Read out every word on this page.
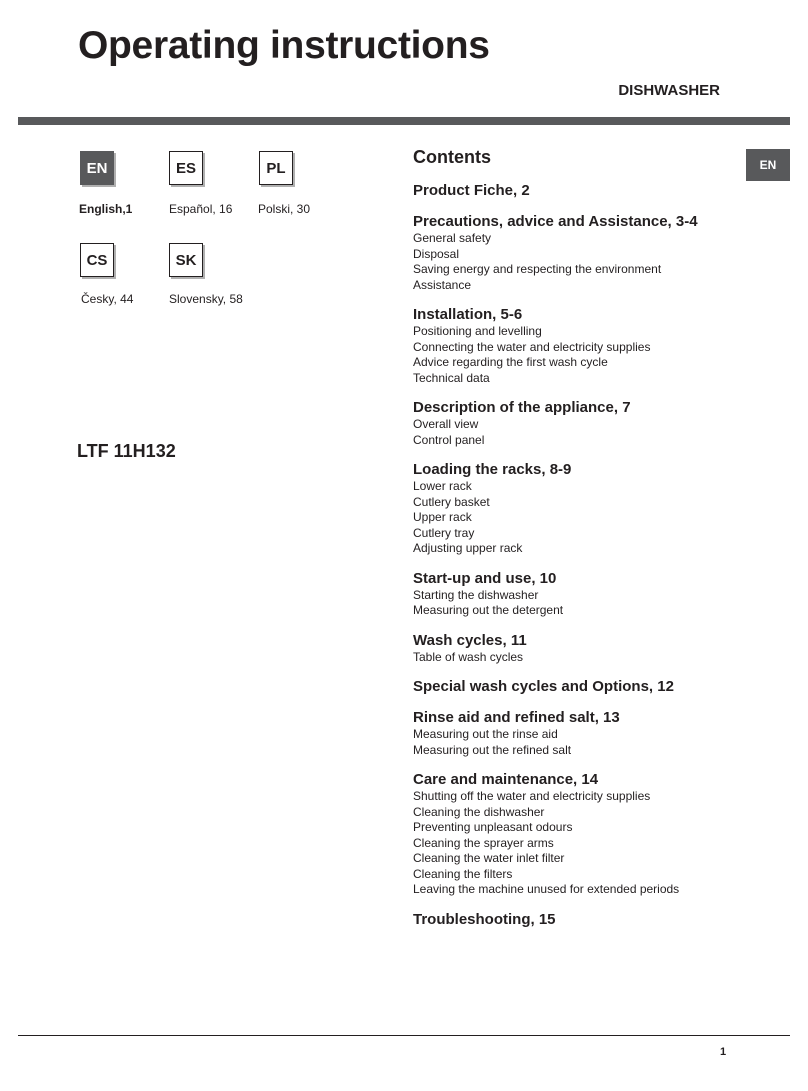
Operating instructions
DISHWASHER
EN
English,1
ES
Español, 16
PL
Polski, 30
CS
Česky, 44
SK
Slovensky, 58
LTF 11H132
EN
Contents
Product Fiche, 2
Precautions, advice and Assistance, 3-4
General safety
Disposal
Saving energy and respecting the environment
Assistance
Installation, 5-6
Positioning and levelling
Connecting the water and electricity supplies
Advice regarding the first wash cycle
Technical data
Description of the appliance, 7
Overall view
Control panel
Loading the racks, 8-9
Lower rack
Cutlery basket
Upper rack
Cutlery tray
Adjusting upper rack
Start-up and use, 10
Starting the dishwasher
Measuring out the detergent
Wash cycles, 11
Table of wash cycles
Special wash cycles and Options, 12
Rinse aid and refined salt, 13
Measuring out the rinse aid
Measuring out the refined salt
Care and maintenance, 14
Shutting off the water and electricity supplies
Cleaning the dishwasher
Preventing unpleasant odours
Cleaning the sprayer arms
Cleaning the water inlet filter
Cleaning the filters
Leaving the machine unused for extended periods
Troubleshooting, 15
1
